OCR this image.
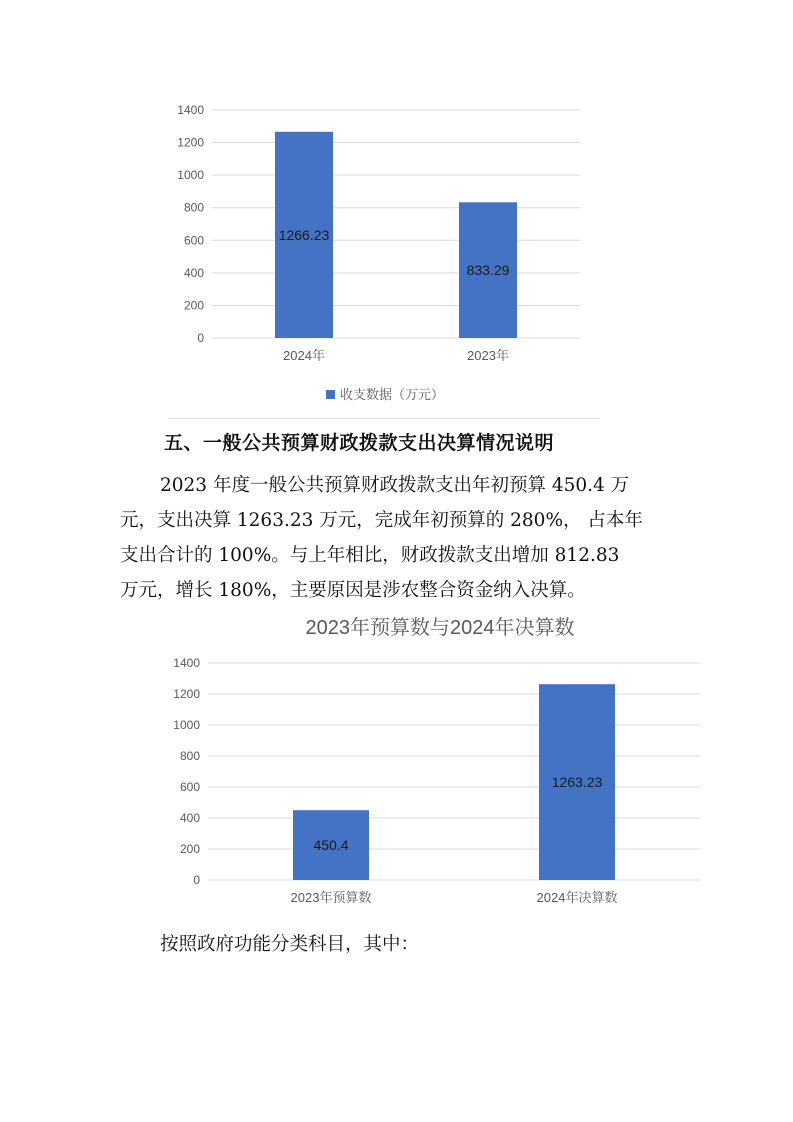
0
200
400
600
800
1000
1200
1400
1266.23
2024年
833.29
2023年
收支数据（万元）
五、一般公共预算财政拨款支出决算情况说明
2023 年度一般公共预算财政拨款支出年初预算 450.4 万
元，支出决算 1263.23 万元，完成年初预算的 280%， 占本年
支出合计的 100%。与上年相比，财政拨款支出增加 812.83
万元，增长 180%，主要原因是涉农整合资金纳入决算。
2023年预算数与2024年决算数
0
200
400
600
800
1000
1200
1400
450.4
2023年预算数
1263.23
2024年决算数
按照政府功能分类科目，其中：
